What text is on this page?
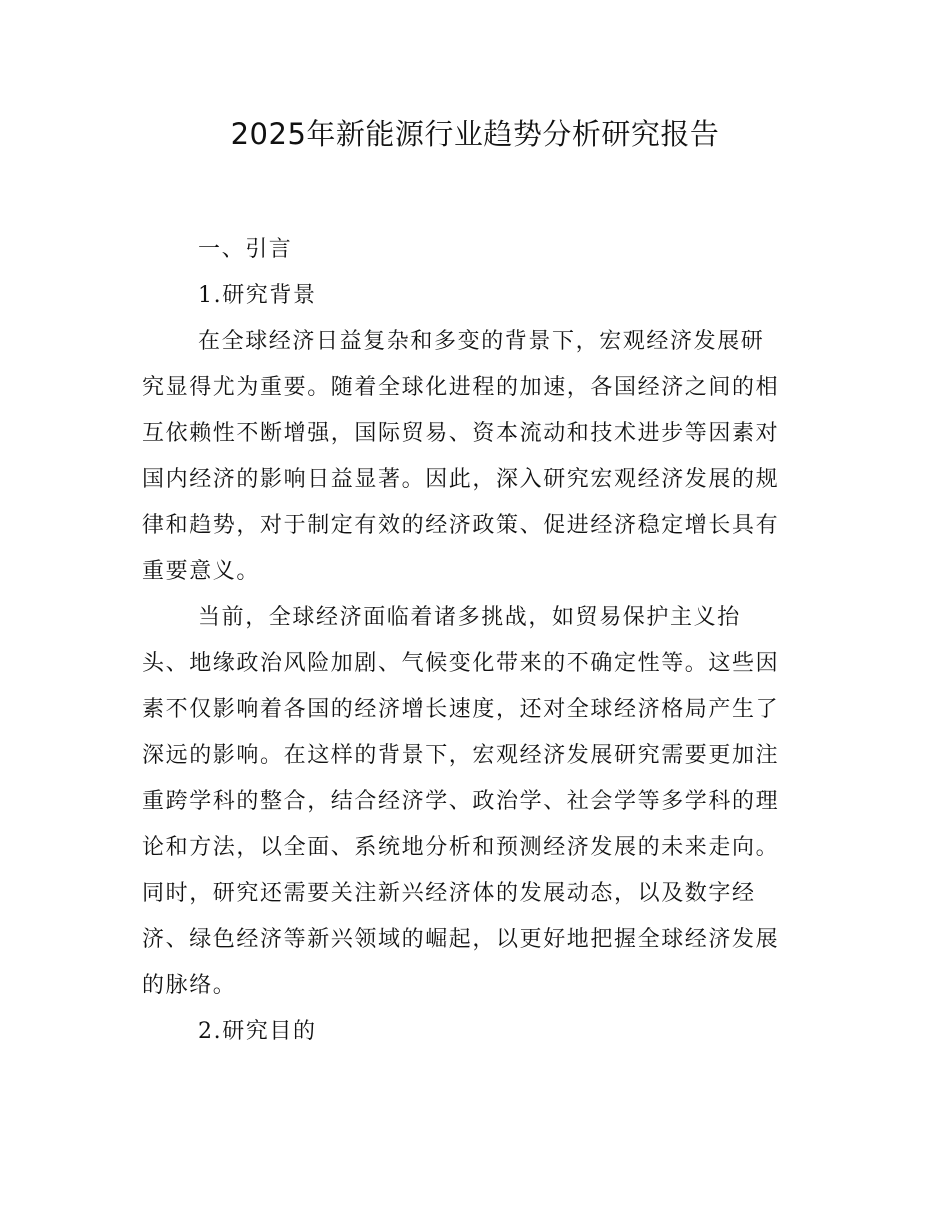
2025年新能源行业趋势分析研究报告

一、引言

1.研究背景

在全球经济日益复杂和多变的背景下，宏观经济发展研

究显得尤为重要。随着全球化进程的加速，各国经济之间的相

互依赖性不断增强，国际贸易、资本流动和技术进步等因素对

国内经济的影响日益显著。因此，深入研究宏观经济发展的规

律和趋势，对于制定有效的经济政策、促进经济稳定增长具有

重要意义。

当前，全球经济面临着诸多挑战，如贸易保护主义抬

头、地缘政治风险加剧、气候变化带来的不确定性等。这些因

素不仅影响着各国的经济增长速度，还对全球经济格局产生了

深远的影响。在这样的背景下，宏观经济发展研究需要更加注

重跨学科的整合，结合经济学、政治学、社会学等多学科的理

论和方法，以全面、系统地分析和预测经济发展的未来走向。

同时，研究还需要关注新兴经济体的发展动态，以及数字经

济、绿色经济等新兴领域的崛起，以更好地把握全球经济发展

的脉络。

2.研究目的
